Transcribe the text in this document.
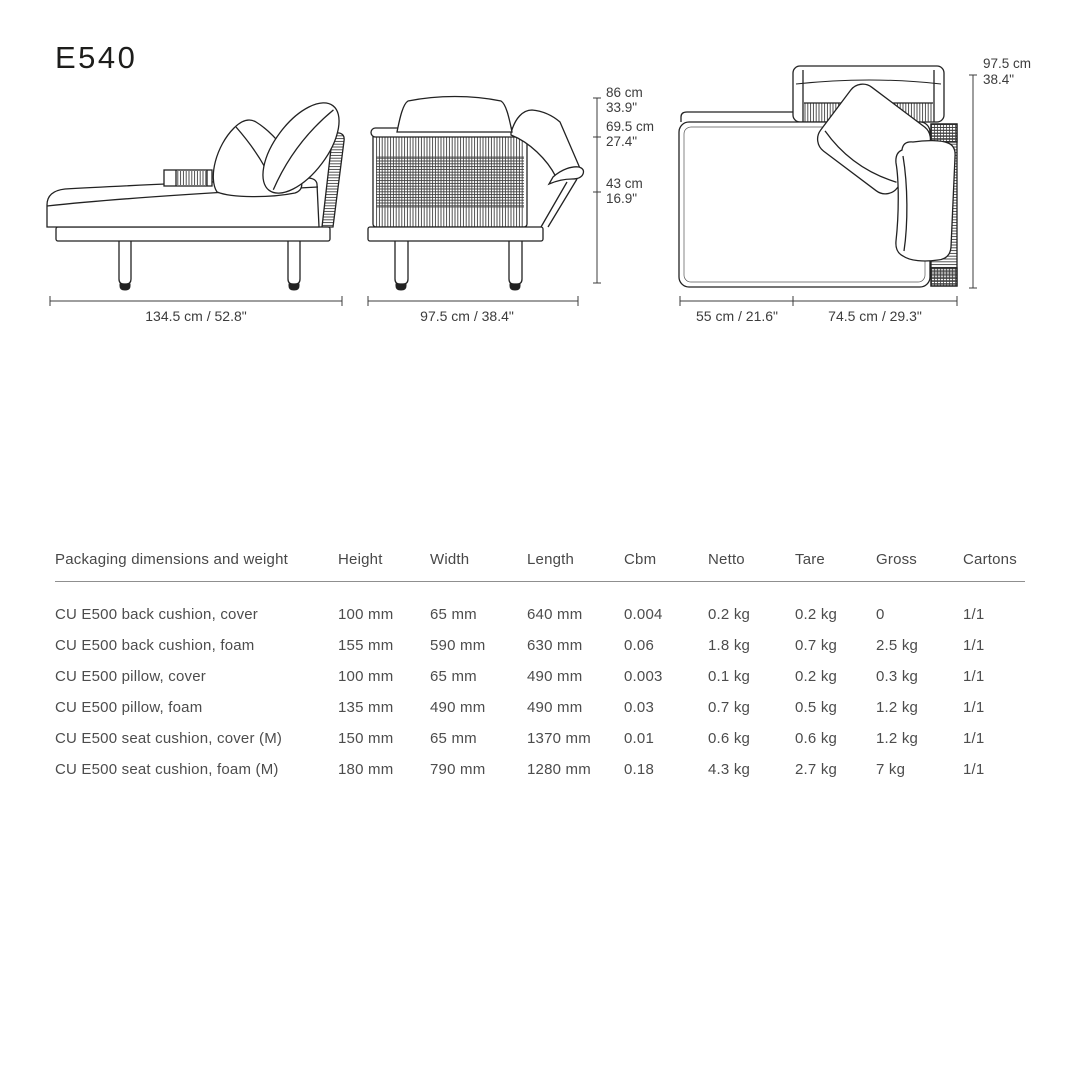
E540
134.5 cm / 52.8"	97.5 cm / 38.4"
86 cm
33.9"
69.5 cm
27.4"
43 cm
16.9"
55 cm / 21.6"	74.5 cm / 29.3"
97.5 cm
38.4"
Packaging dimensions and weight	Height	Width	Length	Cbm	Netto	Tare	Gross	Cartons
CU E500 back cushion, cover	100 mm	65 mm	640 mm	0.004	0.2 kg	0.2 kg	0	1/1
CU E500 back cushion, foam	155 mm	590 mm	630 mm	0.06	1.8 kg	0.7 kg	2.5 kg	1/1
CU E500 pillow, cover	100 mm	65 mm	490 mm	0.003	0.1 kg	0.2 kg	0.3 kg	1/1
CU E500 pillow, foam	135 mm	490 mm	490 mm	0.03	0.7 kg	0.5 kg	1.2 kg	1/1
CU E500 seat cushion, cover (M)	150 mm	65 mm	1370 mm	0.01	0.6 kg	0.6 kg	1.2 kg	1/1
CU E500 seat cushion, foam (M)	180 mm	790 mm	1280 mm	0.18	4.3 kg	2.7 kg	7 kg	1/1
